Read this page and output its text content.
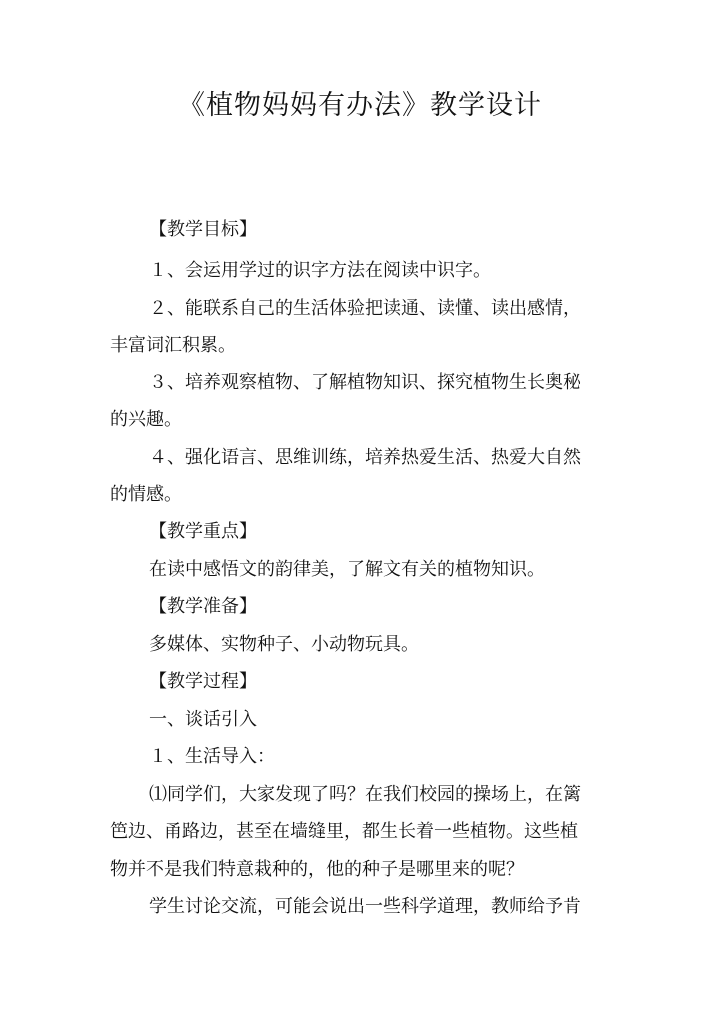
《植物妈妈有办法》教学设计
【教学目标】
１、会运用学过的识字方法在阅读中识字。
２、能联系自己的生活体验把读通、读懂、读出感情，
丰富词汇积累。
３、培养观察植物、了解植物知识、探究植物生长奥秘
的兴趣。
４、强化语言、思维训练，培养热爱生活、热爱大自然
的情感。
【教学重点】
在读中感悟文的韵律美，了解文有关的植物知识。
【教学准备】
多媒体、实物种子、小动物玩具。
【教学过程】
一、谈话引入
１、生活导入：
⑴同学们，大家发现了吗？在我们校园的操场上，在篱
笆边、甬路边，甚至在墙缝里，都生长着一些植物。这些植
物并不是我们特意栽种的，他的种子是哪里来的呢？
学生讨论交流，可能会说出一些科学道理，教师给予肯
